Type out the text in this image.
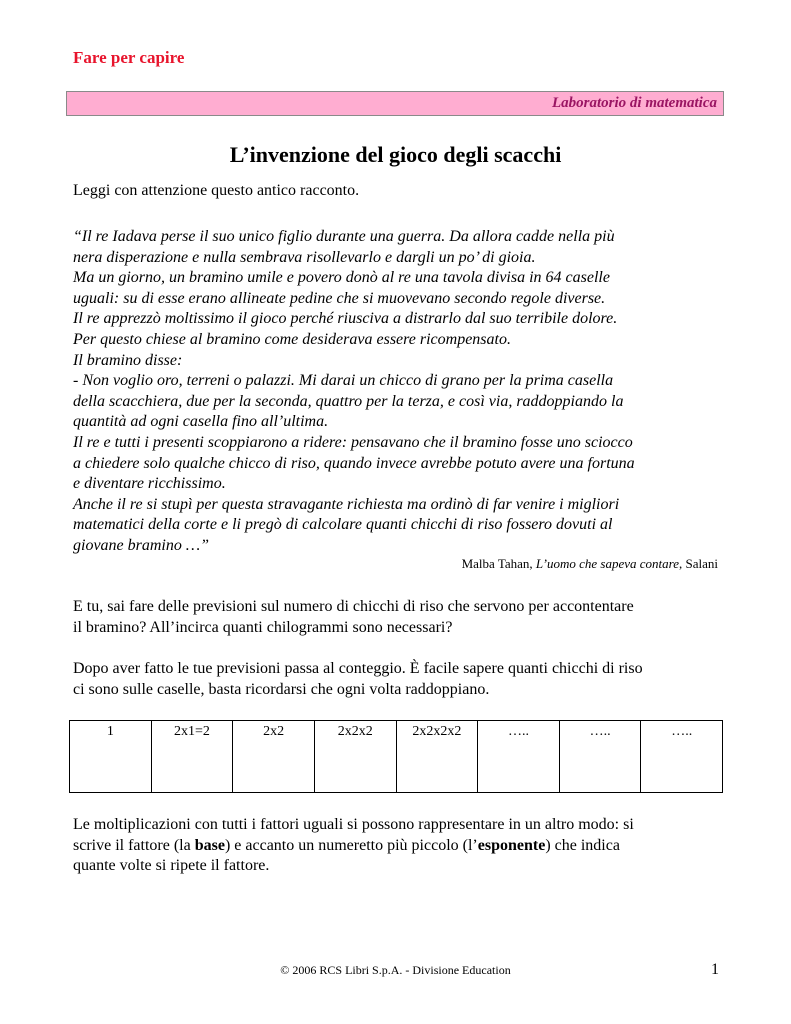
Fare per capire
Laboratorio di matematica
L’invenzione del gioco degli scacchi
Leggi con attenzione questo antico racconto.
“Il re Iadava perse il suo unico figlio durante una guerra. Da allora cadde nella più
nera disperazione e nulla sembrava risollevarlo e dargli un po’ di gioia.
Ma un giorno, un bramino umile e povero donò al re una tavola divisa in 64 caselle
uguali: su di esse erano allineate pedine che si muovevano secondo regole diverse.
Il re apprezzò moltissimo il gioco perché riusciva a distrarlo dal suo terribile dolore.
Per questo chiese al bramino come desiderava essere ricompensato.
Il bramino disse:
- Non voglio oro, terreni o palazzi. Mi darai un chicco di grano per la prima casella
della scacchiera, due per la seconda, quattro per la terza, e così via, raddoppiando la
quantità ad ogni casella fino all’ultima.
Il re e tutti i presenti scoppiarono a ridere: pensavano che il bramino fosse uno sciocco
a chiedere solo qualche chicco di riso, quando invece avrebbe potuto avere una fortuna
e diventare ricchissimo.
Anche il re si stupì per questa stravagante richiesta ma ordinò di far venire i migliori
matematici della corte e li pregò di calcolare quanti chicchi di riso fossero dovuti al
giovane bramino …”
Malba Tahan, L’uomo che sapeva contare, Salani
E tu, sai fare delle previsioni sul numero di chicchi di riso che servono per accontentare
il bramino? All’incirca quanti chilogrammi sono necessari?
Dopo aver fatto le tue previsioni passa al conteggio. È facile sapere quanti chicchi di riso
ci sono sulle caselle, basta ricordarsi che ogni volta raddoppiano.
1	2x1=2	2x2	2x2x2	2x2x2x2	…..	…..	…..
Le moltiplicazioni con tutti i fattori uguali si possono rappresentare in un altro modo: si
scrive il fattore (la base) e accanto un numeretto più piccolo (l’esponente) che indica
quante volte si ripete il fattore.
© 2006 RCS Libri S.p.A. - Divisione Education	1
